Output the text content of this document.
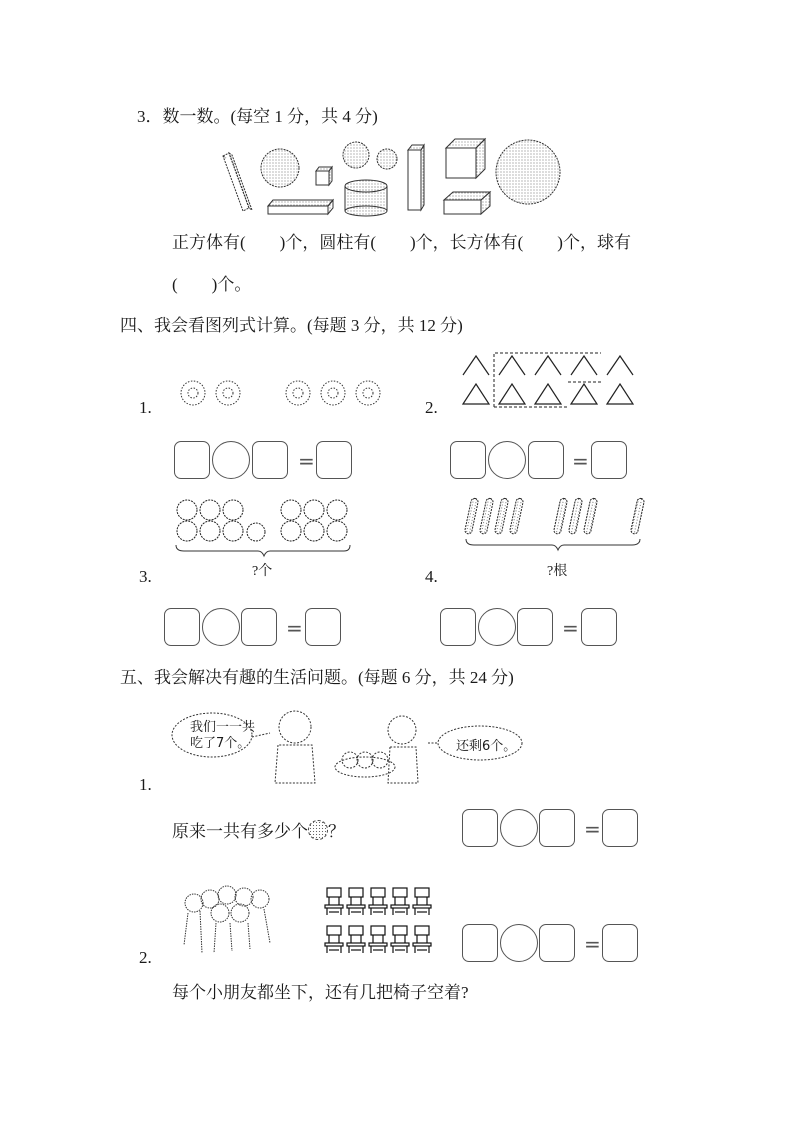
3．数一数。(每空 1 分，共 4 分)
正方体有(　　)个，圆柱有(　　)个，长方体有(　　)个，球有
(　　)个。
四、我会看图列式计算。(每题 3 分，共 12 分)
1.
=
2.
=
?个
3.
=
?根
4.
=
五、我会解决有趣的生活问题。(每题 6 分，共 24 分)
我们一一共
吃了7个。	还剩6个。
1.
原来一共有多少个 ？	=
2.
=
每个小朋友都坐下，还有几把椅子空着?
